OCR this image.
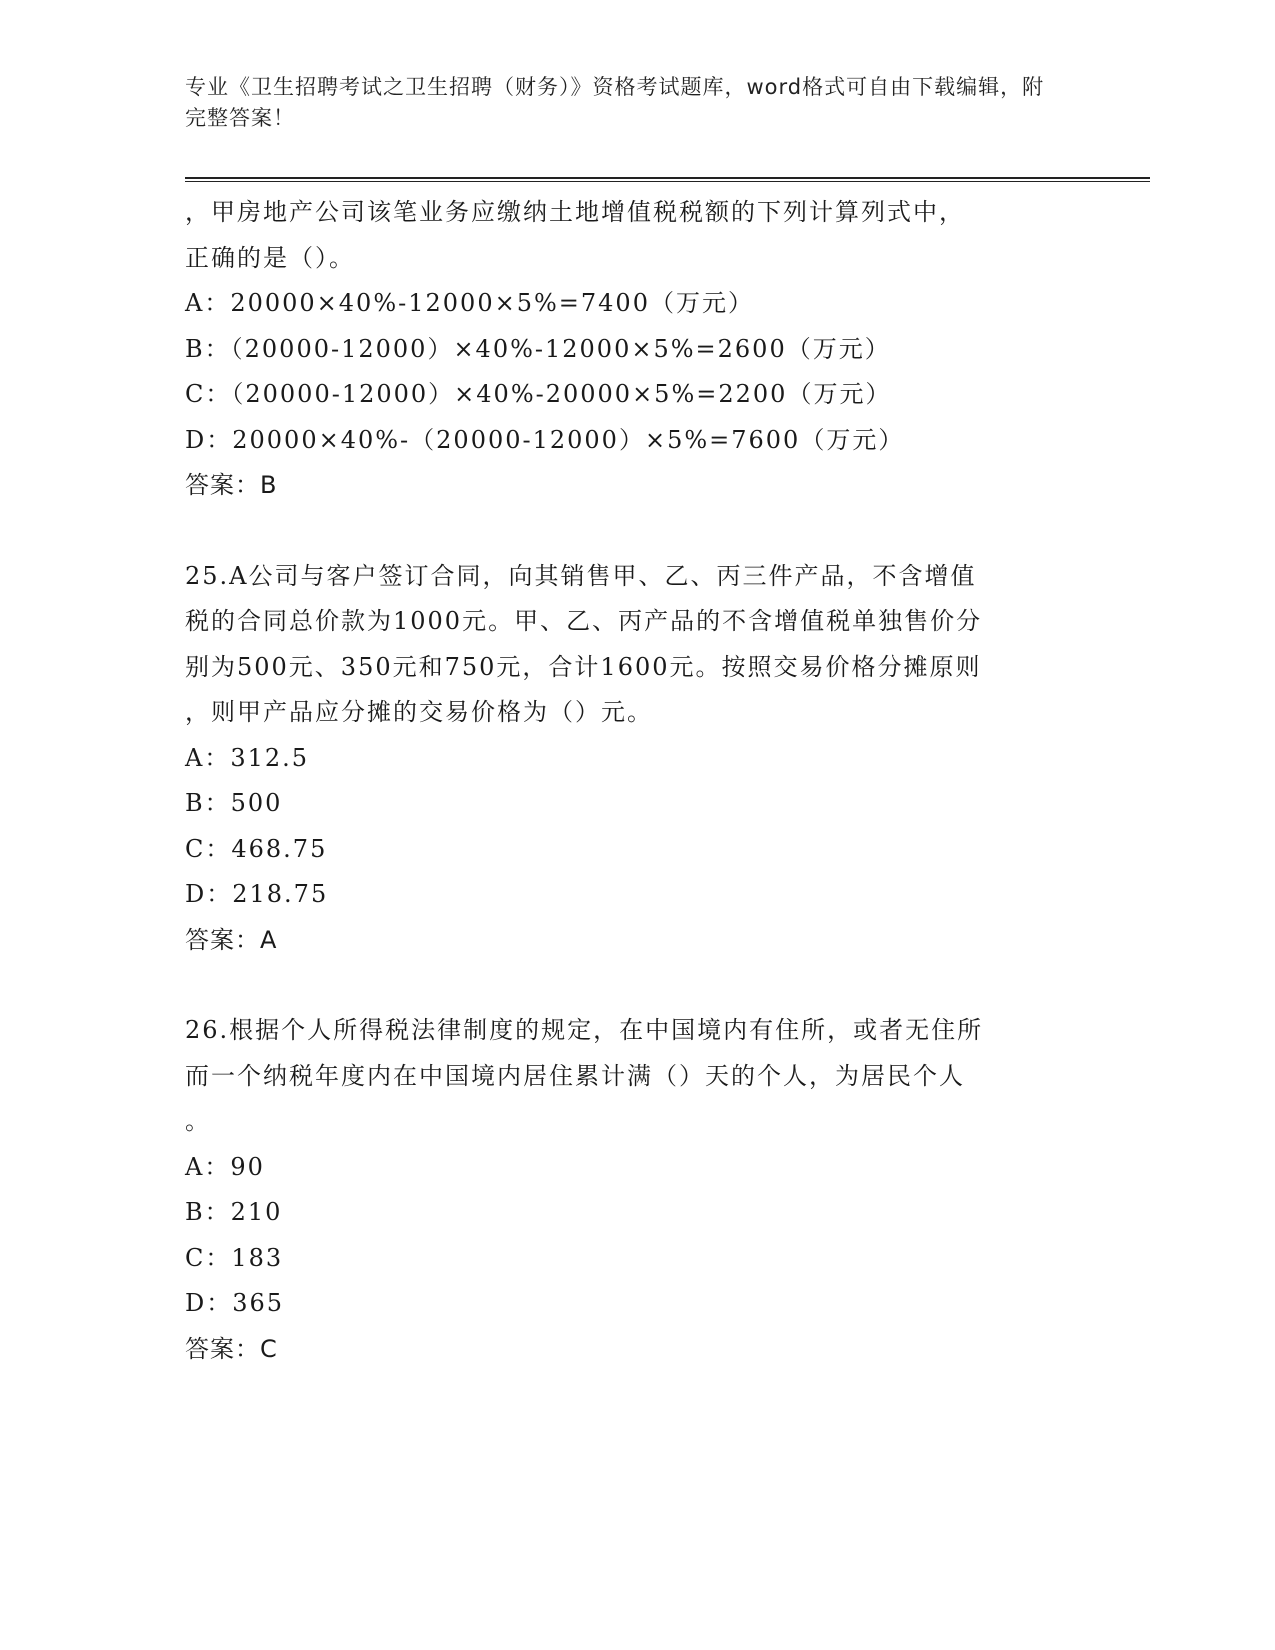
专业《卫生招聘考试之卫生招聘（财务）》资格考试题库，word格式可自由下载编辑，附完整答案！
，甲房地产公司该笔业务应缴纳土地增值税税额的下列计算列式中，
正确的是（）。
A：20000×40%-12000×5%=7400（万元）
B：（20000-12000）×40%-12000×5%=2600（万元）
C：（20000-12000）×40%-20000×5%=2200（万元）
D：20000×40%-（20000-12000）×5%=7600（万元）
答案：B
25.A公司与客户签订合同，向其销售甲、乙、丙三件产品，不含增值
税的合同总价款为1000元。甲、乙、丙产品的不含增值税单独售价分
别为500元、350元和750元，合计1600元。按照交易价格分摊原则
，则甲产品应分摊的交易价格为（）元。
A：312.5
B：500
C：468.75
D：218.75
答案：A
26.根据个人所得税法律制度的规定，在中国境内有住所，或者无住所
而一个纳税年度内在中国境内居住累计满（）天的个人，为居民个人
。
A：90
B：210
C：183
D：365
答案：C
